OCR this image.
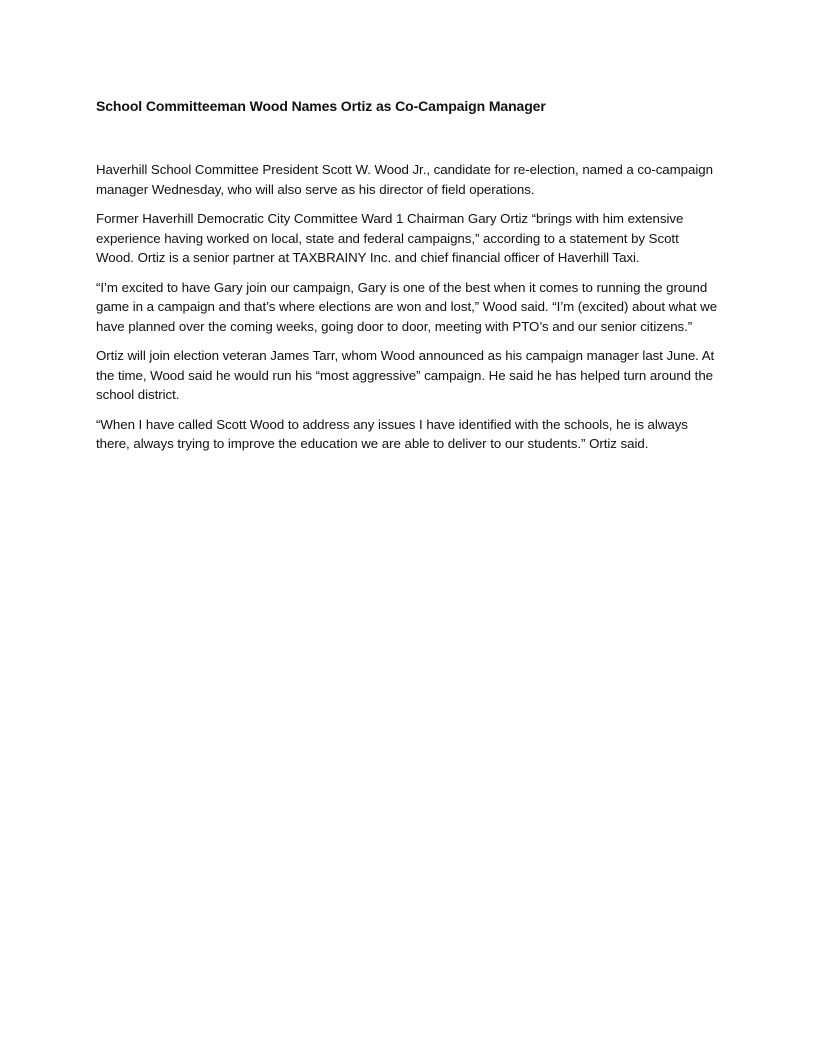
School Committeeman Wood Names Ortiz as Co-Campaign Manager

Haverhill School Committee President Scott W. Wood Jr., candidate for re-election, named a co-campaign manager Wednesday, who will also serve as his director of field operations.

Former Haverhill Democratic City Committee Ward 1 Chairman Gary Ortiz “brings with him extensive experience having worked on local, state and federal campaigns,” according to a statement by Scott Wood. Ortiz is a senior partner at TAXBRAINY Inc. and chief financial officer of Haverhill Taxi.

“I’m excited to have Gary join our campaign, Gary is one of the best when it comes to running the ground game in a campaign and that’s where elections are won and lost,” Wood said. “I’m (excited) about what we have planned over the coming weeks, going door to door, meeting with PTO’s and our senior citizens.”

Ortiz will join election veteran James Tarr, whom Wood announced as his campaign manager last June. At the time, Wood said he would run his “most aggressive” campaign. He said he has helped turn around the school district.

“When I have called Scott Wood to address any issues I have identified with the schools, he is always there, always trying to improve the education we are able to deliver to our students.” Ortiz said.
